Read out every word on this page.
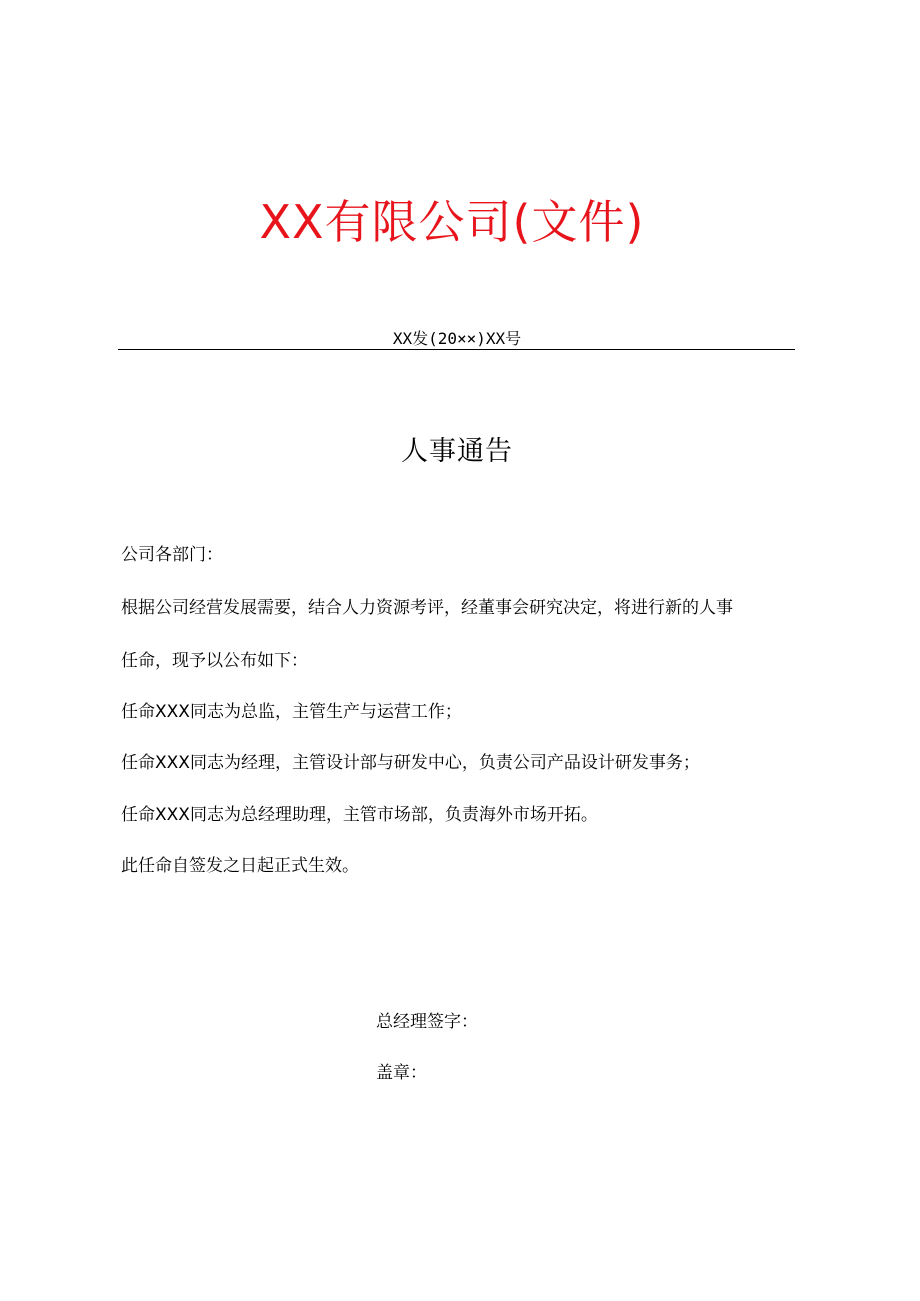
XX有限公司(文件)
XX发(20××)XX号
人事通告
公司各部门：
根据公司经营发展需要，结合人力资源考评，经董事会研究决定，将进行新的人事
任命，现予以公布如下：
任命XXX同志为总监，主管生产与运营工作；
任命XXX同志为经理，主管设计部与研发中心，负责公司产品设计研发事务；
任命XXX同志为总经理助理，主管市场部，负责海外市场开拓。
此任命自签发之日起正式生效。
总经理签字：
盖章：
